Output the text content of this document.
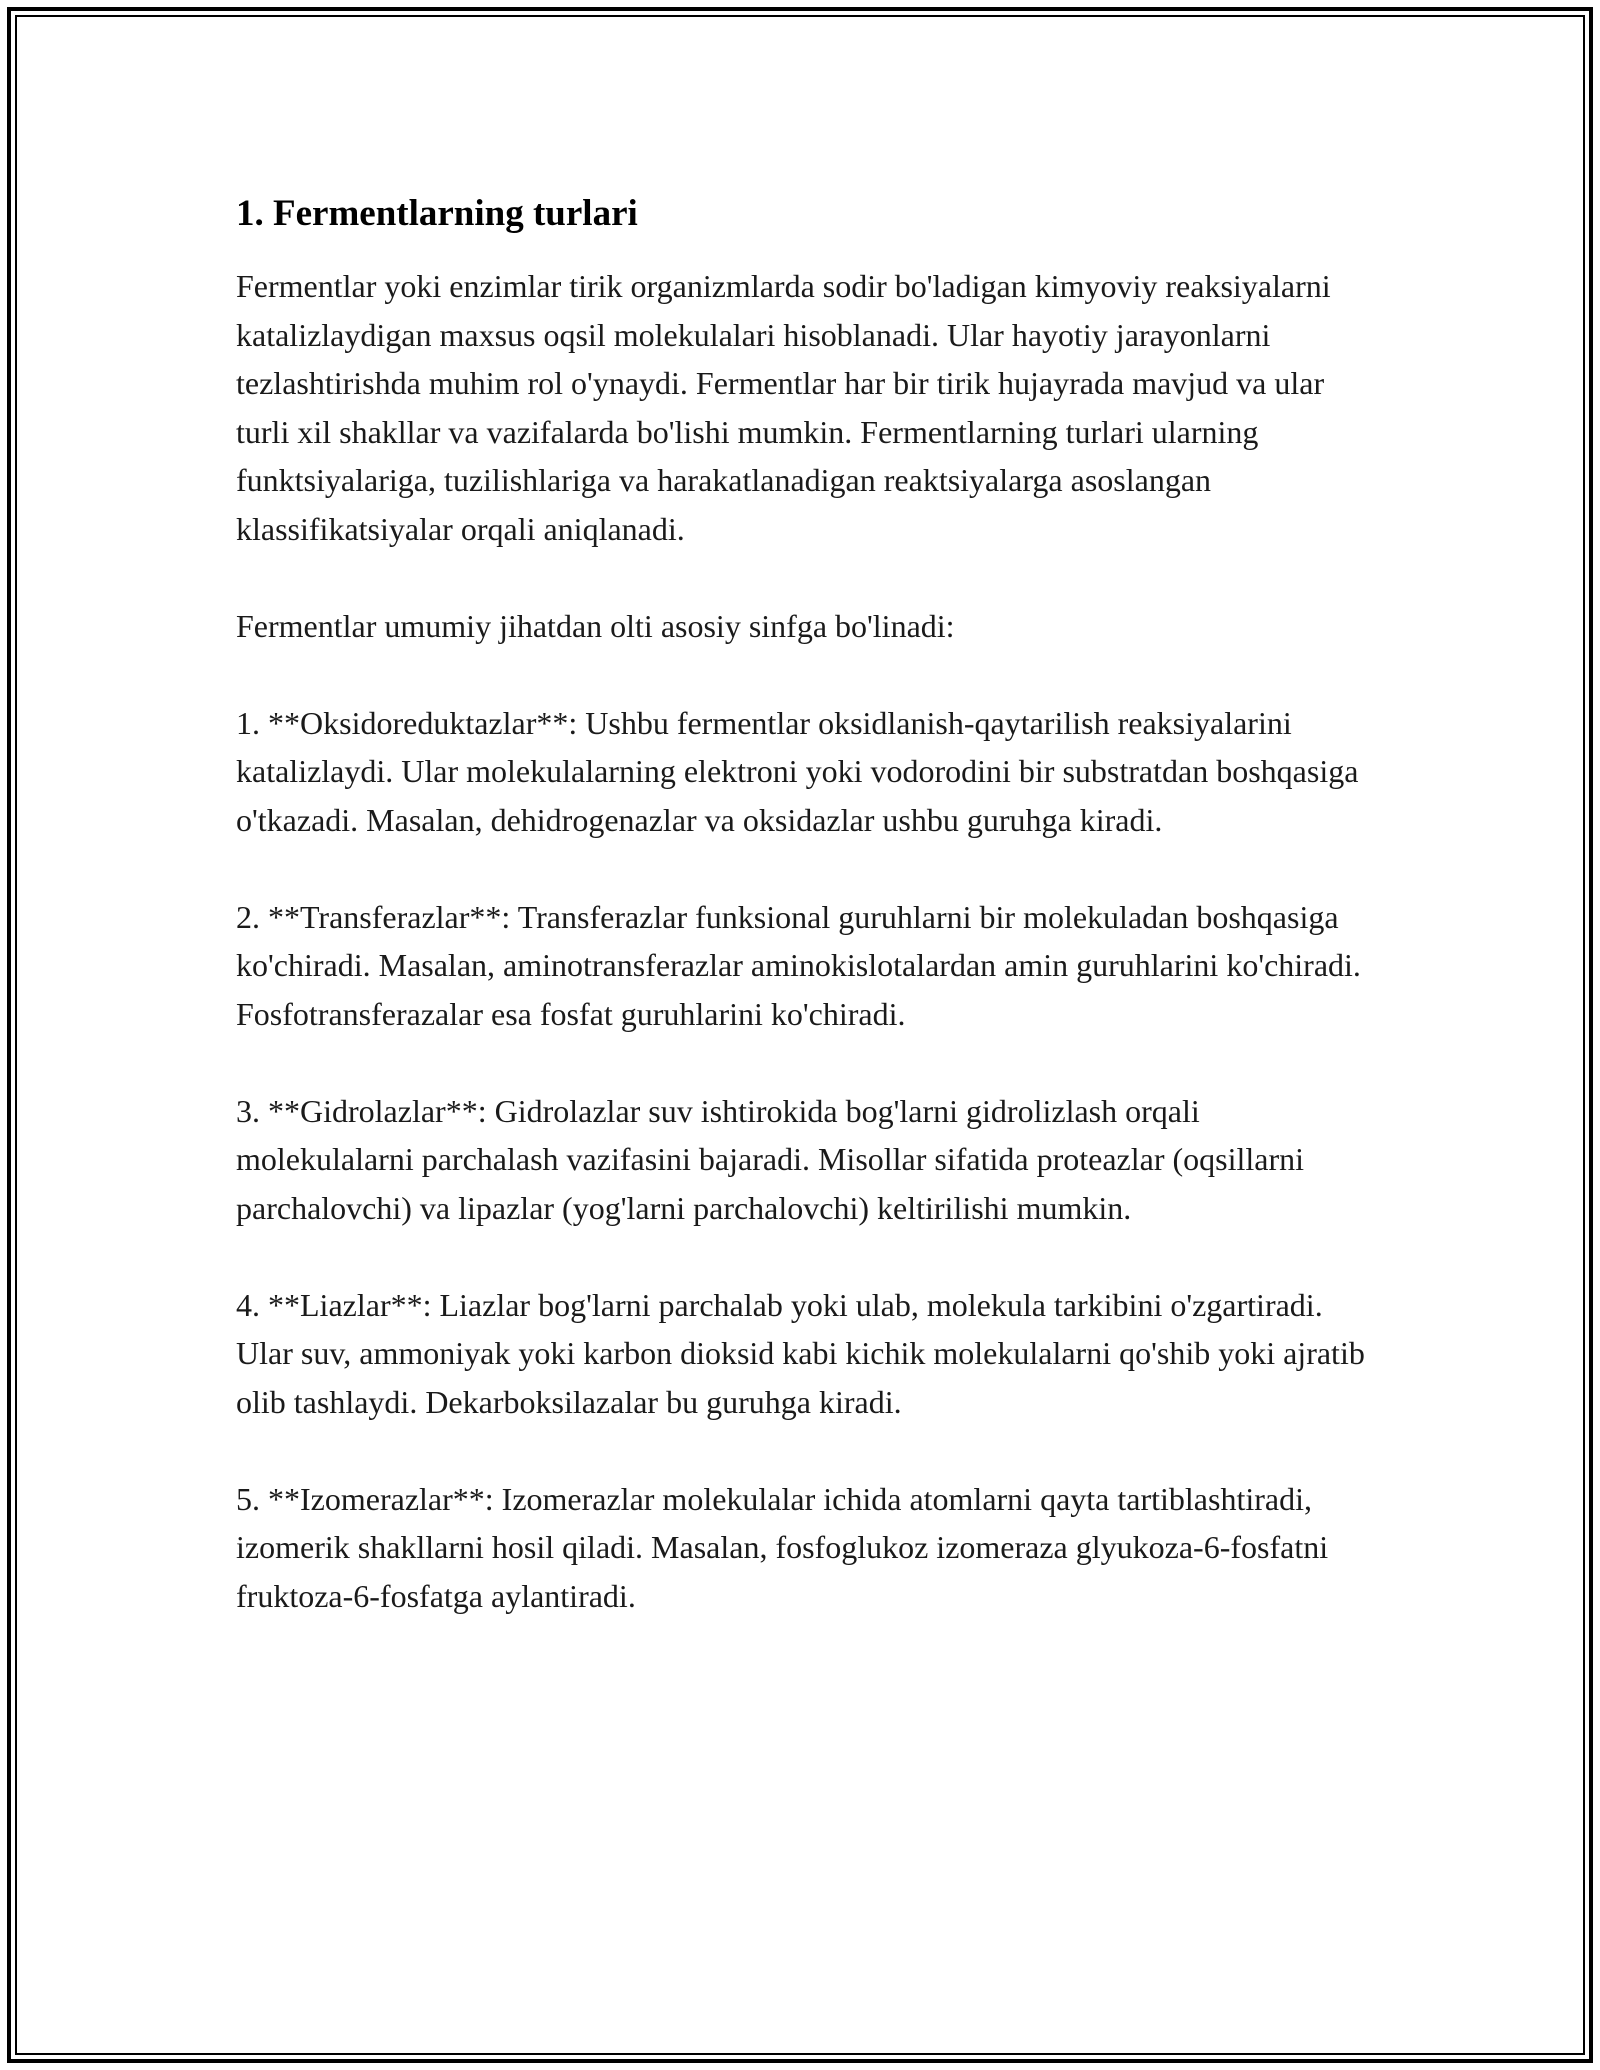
1. Fermentlarning turlari

Fermentlar yoki enzimlar tirik organizmlarda sodir bo'ladigan kimyoviy reaksiyalarni katalizlaydigan maxsus oqsil molekulalari hisoblanadi. Ular hayotiy jarayonlarni tezlashtirishda muhim rol o'ynaydi. Fermentlar har bir tirik hujayrada mavjud va ular turli xil shakllar va vazifalarda bo'lishi mumkin. Fermentlarning turlari ularning funktsiyalariga, tuzilishlariga va harakatlanadigan reaktsiyalarga asoslangan klassifikatsiyalar orqali aniqlanadi.

Fermentlar umumiy jihatdan olti asosiy sinfga bo'linadi:

1. **Oksidoreduktazlar**: Ushbu fermentlar oksidlanish-qaytarilish reaksiyalarini katalizlaydi. Ular molekulalarning elektroni yoki vodorodini bir substratdan boshqasiga o'tkazadi. Masalan, dehidrogenazlar va oksidazlar ushbu guruhga kiradi.

2. **Transferazlar**: Transferazlar funksional guruhlarni bir molekuladan boshqasiga ko'chiradi. Masalan, aminotransferazlar aminokislotalardan amin guruhlarini ko'chiradi. Fosfotransferazalar esa fosfat guruhlarini ko'chiradi.

3. **Gidrolazlar**: Gidrolazlar suv ishtirokida bog'larni gidrolizlash orqali molekulalarni parchalash vazifasini bajaradi. Misollar sifatida proteazlar (oqsillarni parchalovchi) va lipazlar (yog'larni parchalovchi) keltirilishi mumkin.

4. **Liazlar**: Liazlar bog'larni parchalab yoki ulab, molekula tarkibini o'zgartiradi. Ular suv, ammoniyak yoki karbon dioksid kabi kichik molekulalarni qo'shib yoki ajratib olib tashlaydi. Dekarboksilazalar bu guruhga kiradi.

5. **Izomerazlar**: Izomerazlar molekulalar ichida atomlarni qayta tartiblashtiradi, izomerik shakllarni hosil qiladi. Masalan, fosfoglukoz izomeraza glyukoza-6-fosfatni fruktoza-6-fosfatga aylantiradi.
